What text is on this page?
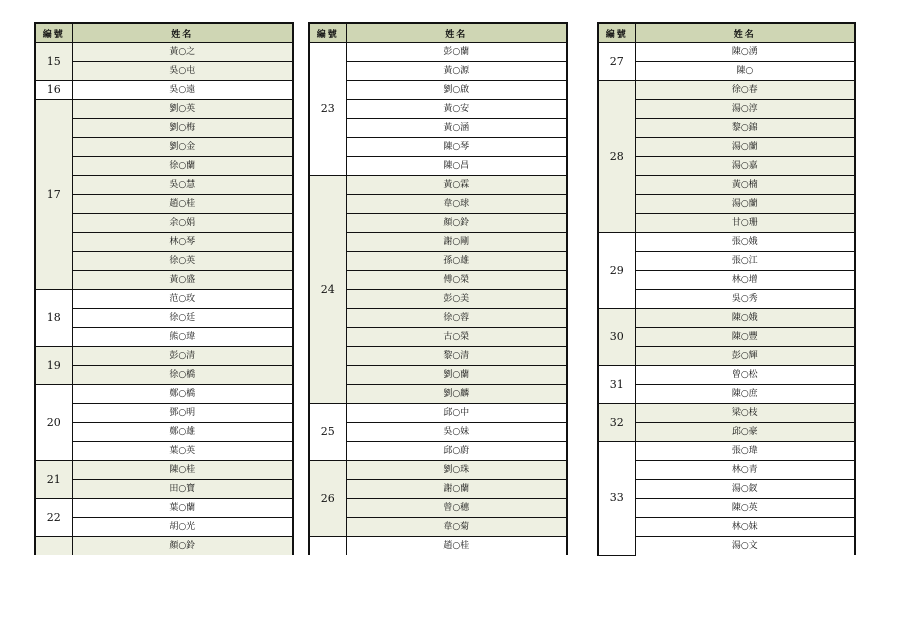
編號	姓名
15	黃○之
	吳○屯
16	吳○遠
17	劉○英
	劉○梅
	劉○金
	徐○蘭
	吳○慧
	趙○桂
	余○娟
	林○琴
	徐○英
	黃○盛
18	范○玫
	徐○廷
	熊○瑋
19	彭○清
	徐○橋
20	鄭○橋
	鄧○明
	鄭○雄
	葉○英
21	陳○桂
	田○寶
22	葉○蘭
	胡○光
	顏○鈴
編號	姓名
23	彭○蘭
	黃○源
	劉○啟
	黃○安
	黃○涵
	陳○琴
	陳○昌
24	黃○霖
	韋○球
	顏○鈴
	謝○剛
	孫○雄
	傅○榮
	彭○美
	徐○蓉
	古○榮
	黎○清
	劉○蘭
	劉○麟
25	邱○中
	吳○妹
	邱○蔚
26	劉○珠
	謝○蘭
	曾○穗
	韋○菊
	趙○桂
編號	姓名
27	陳○湧
	陳○
28	徐○春
	湯○淳
	黎○錦
	湯○蘭
	湯○嘉
	黃○楠
	湯○蘭
	甘○珊
29	張○娥
	張○江
	林○增
	吳○秀
30	陳○娥
	陳○豐
	彭○輝
31	曾○松
	陳○庶
32	梁○枝
	邱○豪
33	張○瑋
	林○青
	湯○釵
	陳○英
	林○妹
	湯○文
